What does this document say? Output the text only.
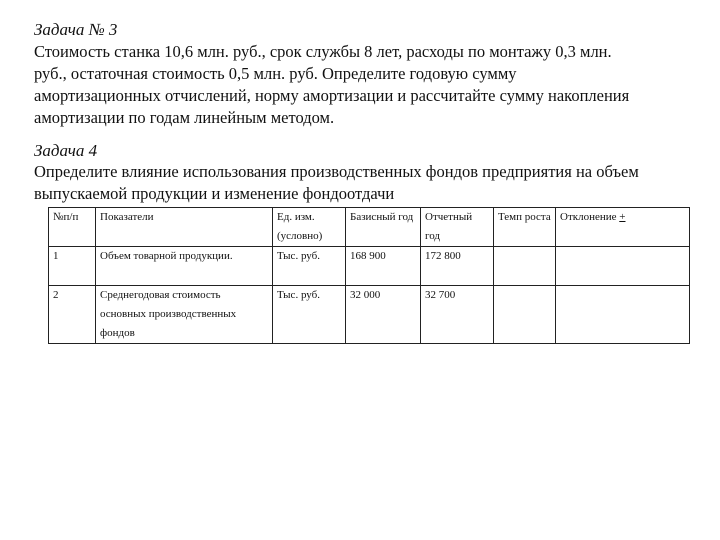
Задача № 3
Стоимость станка 10,6 млн. руб., срок службы 8 лет, расходы по монтажу 0,3 млн.
руб., остаточная стоимость 0,5 млн. руб. Определите годовую сумму
амортизационных отчислений, норму амортизации и рассчитайте сумму накопления
амортизации по годам линейным методом.
Задача 4
Определите влияние использования производственных фондов предприятия на объем
выпускаемой продукции и изменение фондоотдачи
№п/п	Показатели	Ед. изм. (условно)	Базисный год	Отчетный год	Темп роста	Отклонение +
1	Объем товарной продукции.	Тыс. руб.	168 900	172 800		
2	Среднегодовая стоимость основных производственных фондов	Тыс. руб.	32 000	32 700		
